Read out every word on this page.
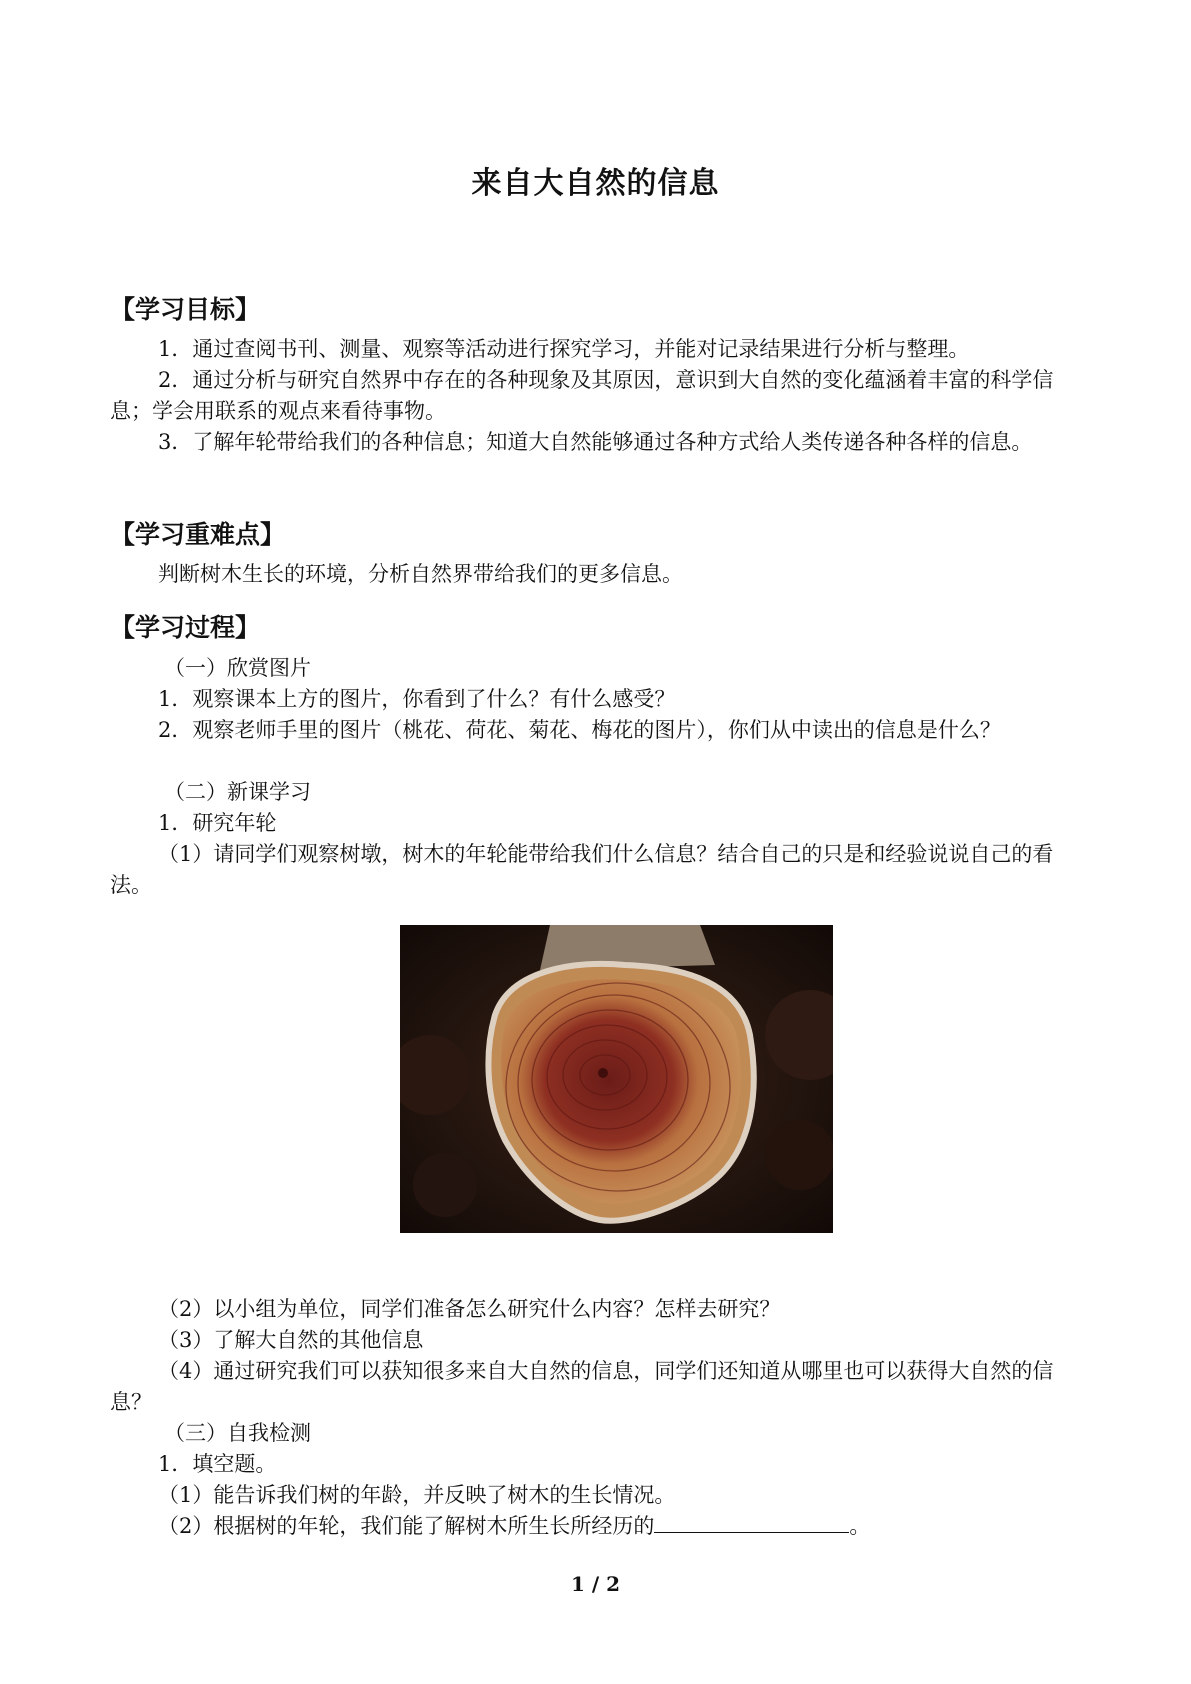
来自大自然的信息
【学习目标】
1．通过查阅书刊、测量、观察等活动进行探究学习，并能对记录结果进行分析与整理。
2．通过分析与研究自然界中存在的各种现象及其原因，意识到大自然的变化蕴涵着丰富的科学信息；学会用联系的观点来看待事物。
3．了解年轮带给我们的各种信息；知道大自然能够通过各种方式给人类传递各种各样的信息。
【学习重难点】
判断树木生长的环境，分析自然界带给我们的更多信息。
【学习过程】
（一）欣赏图片
1．观察课本上方的图片，你看到了什么？有什么感受？
2．观察老师手里的图片（桃花、荷花、菊花、梅花的图片），你们从中读出的信息是什么？
（二）新课学习
1．研究年轮
（1）请同学们观察树墩，树木的年轮能带给我们什么信息？结合自己的只是和经验说说自己的看法。
（2）以小组为单位，同学们准备怎么研究什么内容？怎样去研究？
（3）了解大自然的其他信息
（4）通过研究我们可以获知很多来自大自然的信息，同学们还知道从哪里也可以获得大自然的信息？
（三）自我检测
1．填空题。
（1）能告诉我们树的年龄，并反映了树木的生长情况。
（2）根据树的年轮，我们能了解树木所生长所经历的	。
1 / 2
